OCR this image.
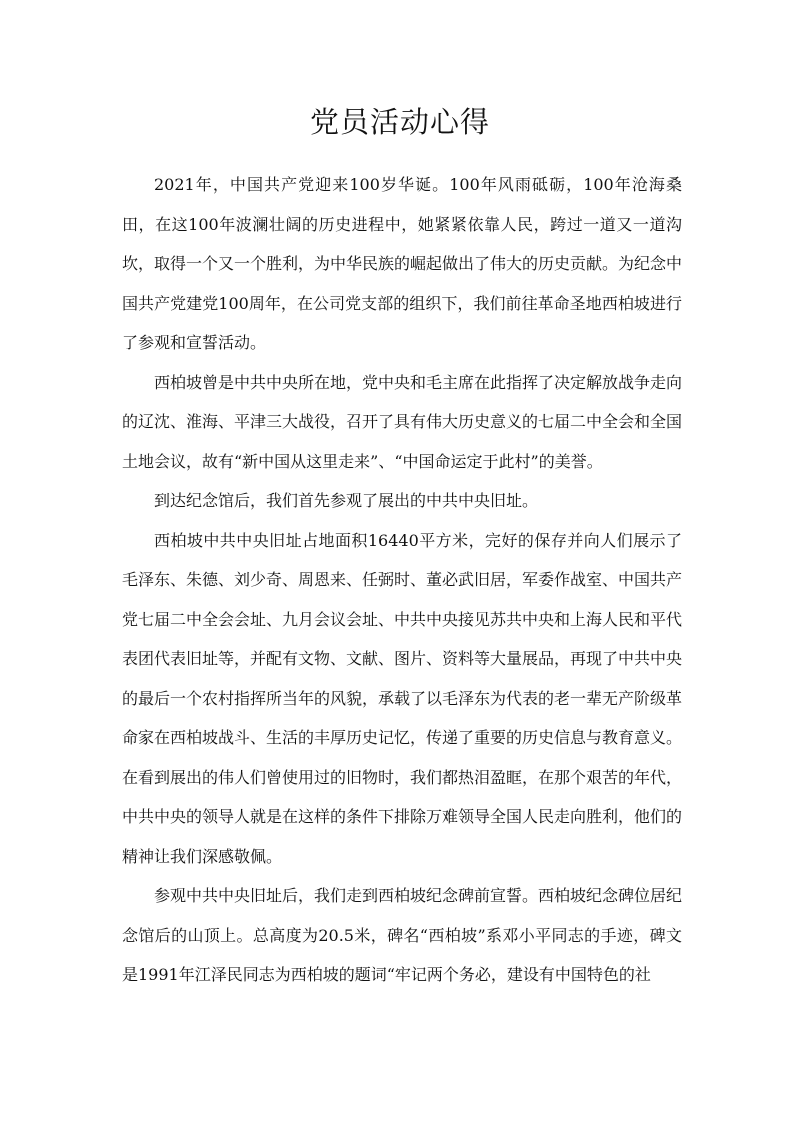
党员活动心得

2021年，中国共产党迎来100岁华诞。100年风雨砥砺，100年沧海桑田，在这100年波澜壮阔的历史进程中，她紧紧依靠人民，跨过一道又一道沟坎，取得一个又一个胜利，为中华民族的崛起做出了伟大的历史贡献。为纪念中国共产党建党100周年，在公司党支部的组织下，我们前往革命圣地西柏坡进行了参观和宣誓活动。

西柏坡曾是中共中央所在地，党中央和毛主席在此指挥了决定解放战争走向的辽沈、淮海、平津三大战役，召开了具有伟大历史意义的七届二中全会和全国土地会议，故有“新中国从这里走来”、“中国命运定于此村”的美誉。

到达纪念馆后，我们首先参观了展出的中共中央旧址。

西柏坡中共中央旧址占地面积16440平方米，完好的保存并向人们展示了毛泽东、朱德、刘少奇、周恩来、任弼时、董必武旧居，军委作战室、中国共产党七届二中全会会址、九月会议会址、中共中央接见苏共中央和上海人民和平代表团代表旧址等，并配有文物、文献、图片、资料等大量展品，再现了中共中央的最后一个农村指挥所当年的风貌，承载了以毛泽东为代表的老一辈无产阶级革命家在西柏坡战斗、生活的丰厚历史记忆，传递了重要的历史信息与教育意义。在看到展出的伟人们曾使用过的旧物时，我们都热泪盈眶，在那个艰苦的年代，中共中央的领导人就是在这样的条件下排除万难领导全国人民走向胜利，他们的精神让我们深感敬佩。

参观中共中央旧址后，我们走到西柏坡纪念碑前宣誓。西柏坡纪念碑位居纪念馆后的山顶上。总高度为20.5米，碑名“西柏坡”系邓小平同志的手迹，碑文是1991年江泽民同志为西柏坡的题词“牢记两个务必，建设有中国特色的社
